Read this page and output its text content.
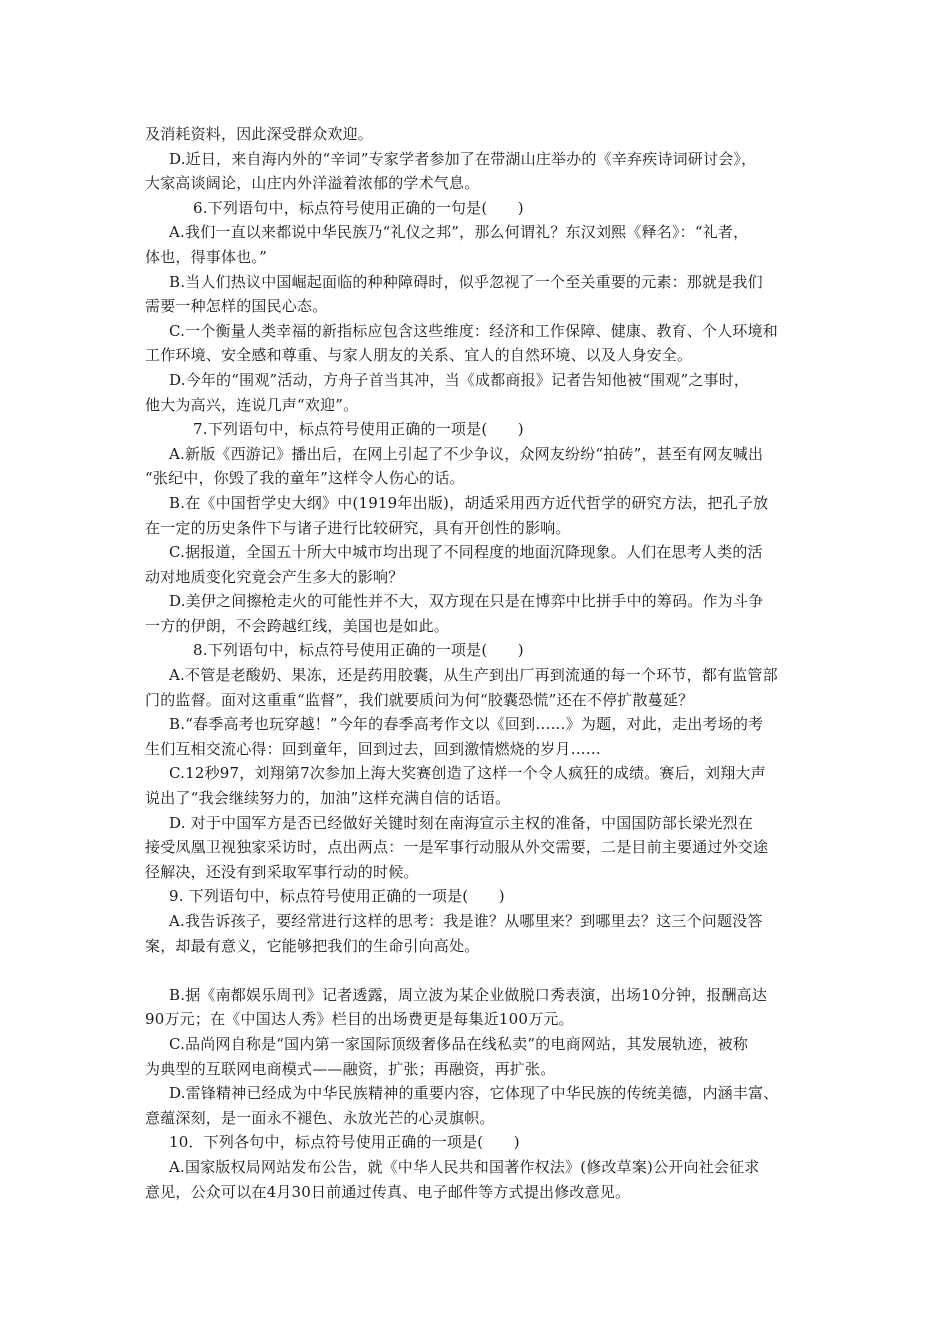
及消耗资料，因此深受群众欢迎。
D.近日，来自海内外的“辛词”专家学者参加了在带湖山庄举办的《辛弃疾诗词研讨会》，
大家高谈阔论，山庄内外洋溢着浓郁的学术气息。
6.下列语句中，标点符号使用正确的一句是(　　)
A.我们一直以来都说中华民族乃“礼仪之邦”，那么何谓礼？东汉刘熙《释名》：“礼者，
体也，得事体也。”
B.当人们热议中国崛起面临的种种障碍时，似乎忽视了一个至关重要的元素：那就是我们
需要一种怎样的国民心态。
C.一个衡量人类幸福的新指标应包含这些维度：经济和工作保障、健康、教育、个人环境和
工作环境、安全感和尊重、与家人朋友的关系、宜人的自然环境、以及人身安全。
D.今年的“围观”活动，方舟子首当其冲，当《成都商报》记者告知他被“围观”之事时，
他大为高兴，连说几声“欢迎”。
7.下列语句中，标点符号使用正确的一项是(　　)
A.新版《西游记》播出后，在网上引起了不少争议，众网友纷纷“拍砖”，甚至有网友喊出
“张纪中，你毁了我的童年”这样令人伤心的话。
B.在《中国哲学史大纲》中(1919年出版)，胡适采用西方近代哲学的研究方法，把孔子放
在一定的历史条件下与诸子进行比较研究，具有开创性的影响。
C.据报道，全国五十所大中城市均出现了不同程度的地面沉降现象。人们在思考人类的活
动对地质变化究竟会产生多大的影响？
D.美伊之间擦枪走火的可能性并不大，双方现在只是在博弈中比拼手中的筹码。作为斗争
一方的伊朗，不会跨越红线，美国也是如此。
8.下列语句中，标点符号使用正确的一项是(　　)
A.不管是老酸奶、果冻，还是药用胶囊，从生产到出厂再到流通的每一个环节，都有监管部
门的监督。面对这重重“监督”，我们就要质问为何“胶囊恐慌”还在不停扩散蔓延？
B.“春季高考也玩穿越！”今年的春季高考作文以《回到……》为题，对此，走出考场的考
生们互相交流心得：回到童年，回到过去，回到激情燃烧的岁月……
C.12秒97，刘翔第7次参加上海大奖赛创造了这样一个令人疯狂的成绩。赛后，刘翔大声
说出了“我会继续努力的，加油”这样充满自信的话语。
D. 对于中国军方是否已经做好关键时刻在南海宣示主权的准备，中国国防部长梁光烈在
接受凤凰卫视独家采访时，点出两点：一是军事行动服从外交需要，二是目前主要通过外交途
径解决，还没有到采取军事行动的时候。
9. 下列语句中，标点符号使用正确的一项是(　　)
A.我告诉孩子，要经常进行这样的思考：我是谁？从哪里来？到哪里去？这三个问题没答
案，却最有意义，它能够把我们的生命引向高处。
B.据《南都娱乐周刊》记者透露，周立波为某企业做脱口秀表演，出场10分钟，报酬高达
90万元；在《中国达人秀》栏目的出场费更是每集近100万元。
C.品尚网自称是“国内第一家国际顶级奢侈品在线私卖”的电商网站，其发展轨迹，被称
为典型的互联网电商模式——融资，扩张；再融资，再扩张。
D.雷锋精神已经成为中华民族精神的重要内容，它体现了中华民族的传统美德，内涵丰富、
意蕴深刻，是一面永不褪色、永放光芒的心灵旗帜。
10．下列各句中，标点符号使用正确的一项是(　　)
A.国家版权局网站发布公告，就《中华人民共和国著作权法》(修改草案)公开向社会征求
意见，公众可以在4月30日前通过传真、电子邮件等方式提出修改意见。
